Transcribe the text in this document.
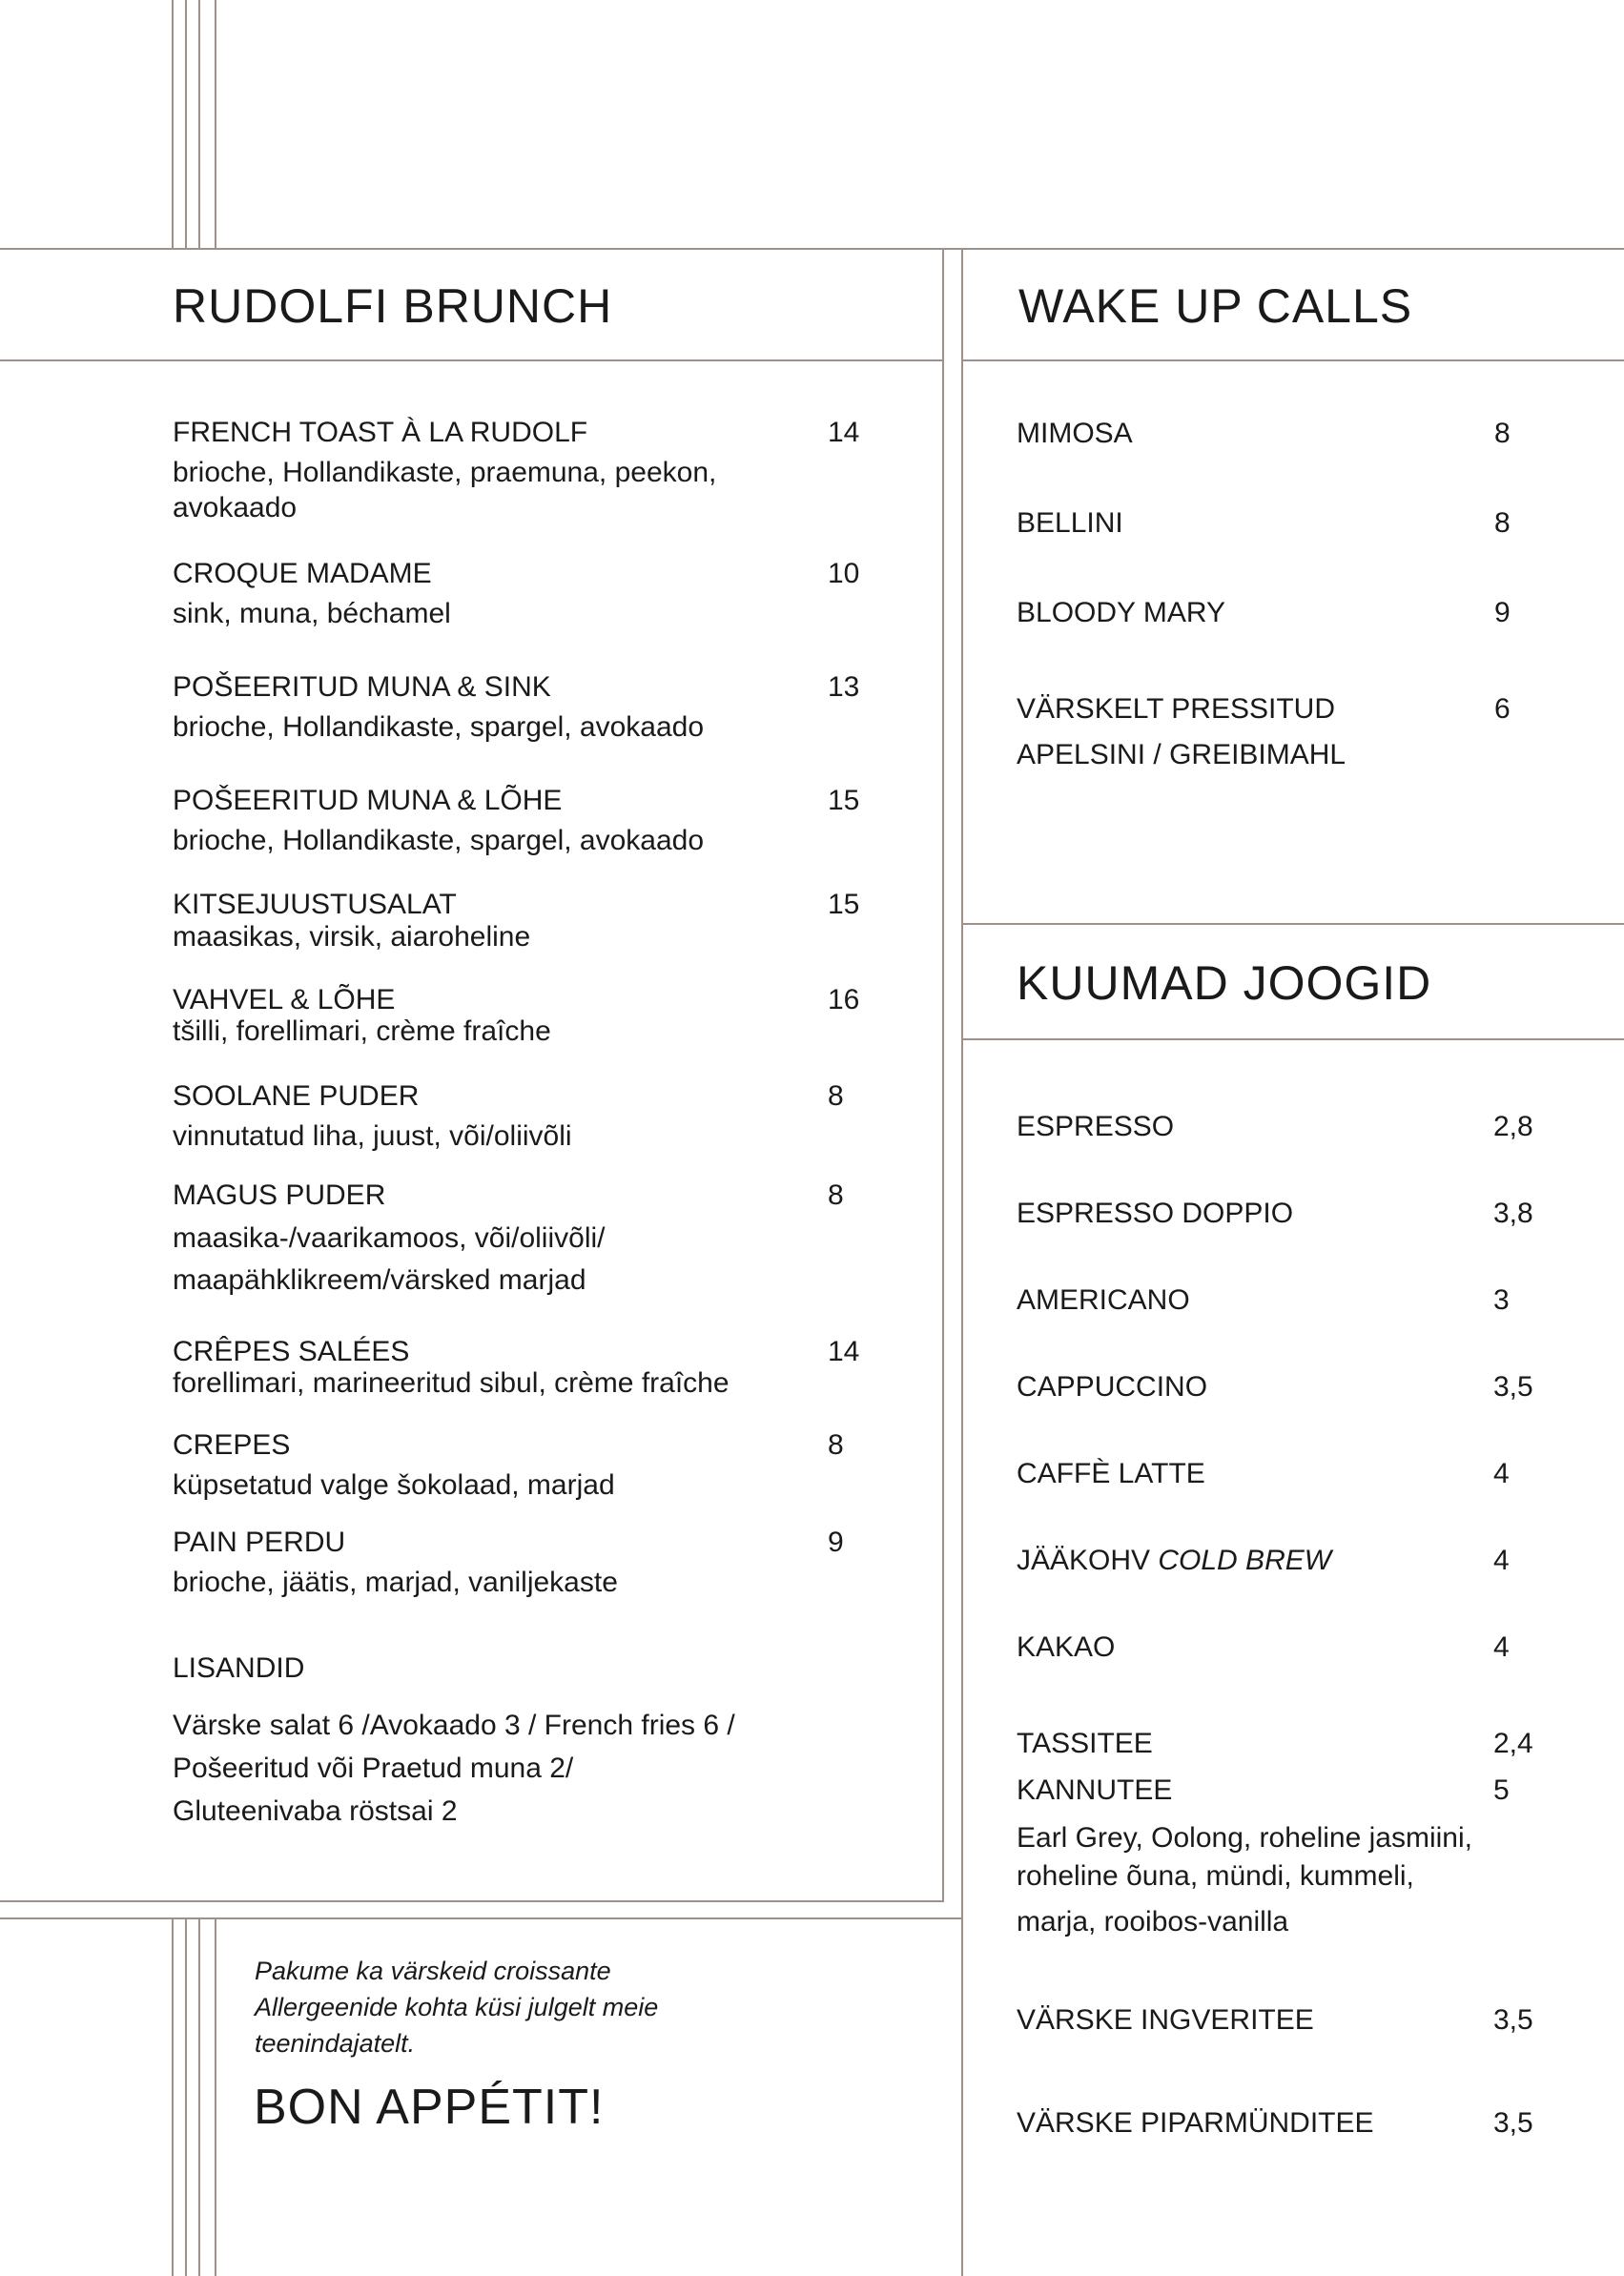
RUDOLFI BRUNCH
FRENCH TOAST À LA RUDOLF	14
brioche, Hollandikaste, praemuna, peekon,
avokaado
CROQUE MADAME	10
sink, muna, béchamel
POŠEERITUD MUNA & SINK	13
brioche, Hollandikaste, spargel, avokaado
POŠEERITUD MUNA & LÕHE	15
brioche, Hollandikaste, spargel, avokaado
KITSEJUUSTUSALAT	15
maasikas, virsik, aiaroheline
VAHVEL & LÕHE	16
tšilli, forellimari, crème fraîche
SOOLANE PUDER	8
vinnutatud liha, juust, või/oliivõli
MAGUS PUDER	8
maasika-/vaarikamoos, või/oliivõli/
maapähklikreem/värsked marjad
CRÊPES SALÉES	14
forellimari, marineeritud sibul, crème fraîche
CREPES	8
küpsetatud valge šokolaad, marjad
PAIN PERDU	9
brioche, jäätis, marjad, vaniljekaste
LISANDID
Värske salat 6 /Avokaado 3 / French fries 6 /
Pošeeritud või Praetud muna 2/
Gluteenivaba röstsai 2
Pakume ka värskeid croissante
Allergeenide kohta küsi julgelt meie
teenindajatelt.
BON APPÉTIT!
WAKE UP CALLS
MIMOSA	8
BELLINI	8
BLOODY MARY	9
VÄRSKELT PRESSITUD	6
APELSINI / GREIBIMAHL
KUUMAD JOOGID
ESPRESSO	2,8
ESPRESSO DOPPIO	3,8
AMERICANO	3
CAPPUCCINO	3,5
CAFFÈ LATTE	4
JÄÄKOHV COLD BREW	4
KAKAO	4
TASSITEE	2,4
KANNUTEE	5
Earl Grey, Oolong, roheline jasmiini,
roheline õuna, mündi, kummeli,
marja, rooibos-vanilla
VÄRSKE INGVERITEE	3,5
VÄRSKE PIPARMÜNDITEE	3,5
